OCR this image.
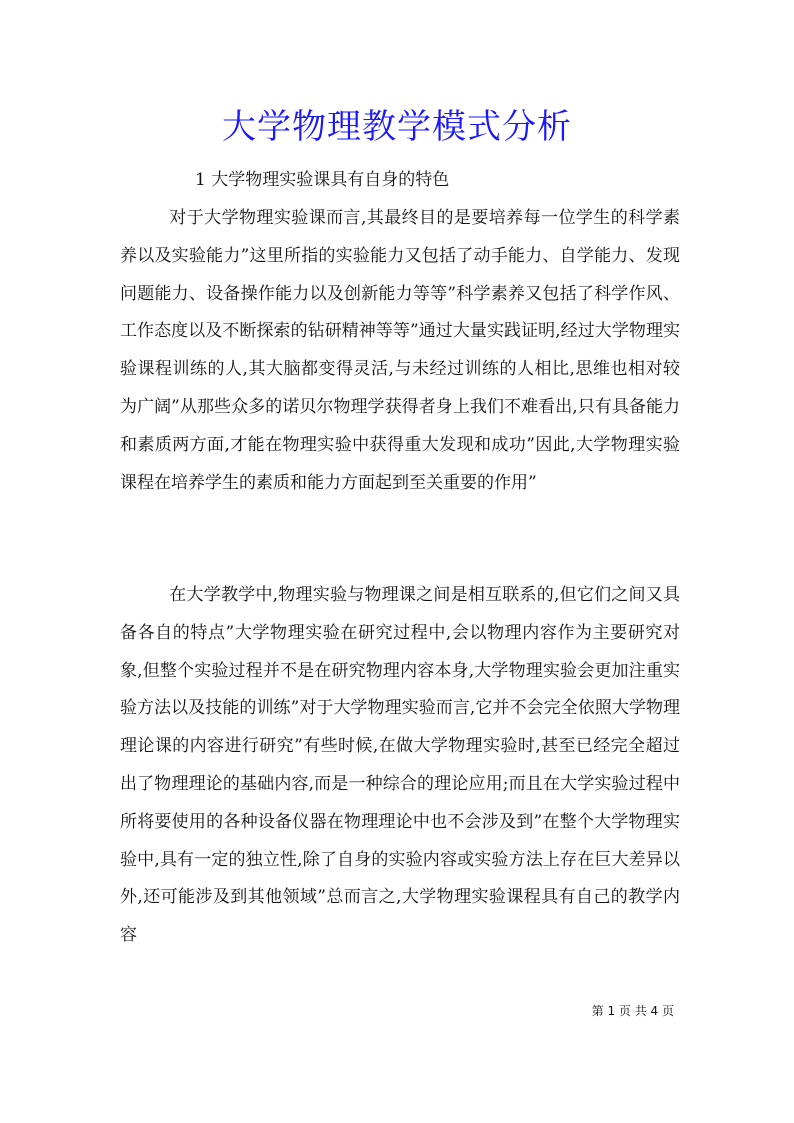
大学物理教学模式分析
1 大学物理实验课具有自身的特色

对于大学物理实验课而言,其最终目的是要培养每一位学生的科学素养以及实验能力”这里所指的实验能力又包括了动手能力、自学能力、发现问题能力、设备操作能力以及创新能力等等”科学素养又包括了科学作风、工作态度以及不断探索的钻研精神等等”通过大量实践证明,经过大学物理实验课程训练的人,其大脑都变得灵活,与未经过训练的人相比,思维也相对较为广阔”从那些众多的诺贝尔物理学获得者身上我们不难看出,只有具备能力和素质两方面,才能在物理实验中获得重大发现和成功”因此,大学物理实验课程在培养学生的素质和能力方面起到至关重要的作用”

在大学教学中,物理实验与物理课之间是相互联系的,但它们之间又具备各自的特点”大学物理实验在研究过程中,会以物理内容作为主要研究对象,但整个实验过程并不是在研究物理内容本身,大学物理实验会更加注重实验方法以及技能的训练”对于大学物理实验而言,它并不会完全依照大学物理理论课的内容进行研究”有些时候,在做大学物理实验时,甚至已经完全超过出了物理理论的基础内容,而是一种综合的理论应用;而且在大学实验过程中所将要使用的各种设备仪器在物理理论中也不会涉及到”在整个大学物理实验中,具有一定的独立性,除了自身的实验内容或实验方法上存在巨大差异以外,还可能涉及到其他领域”总而言之,大学物理实验课程具有自己的教学内容

第 1 页 共 4 页
